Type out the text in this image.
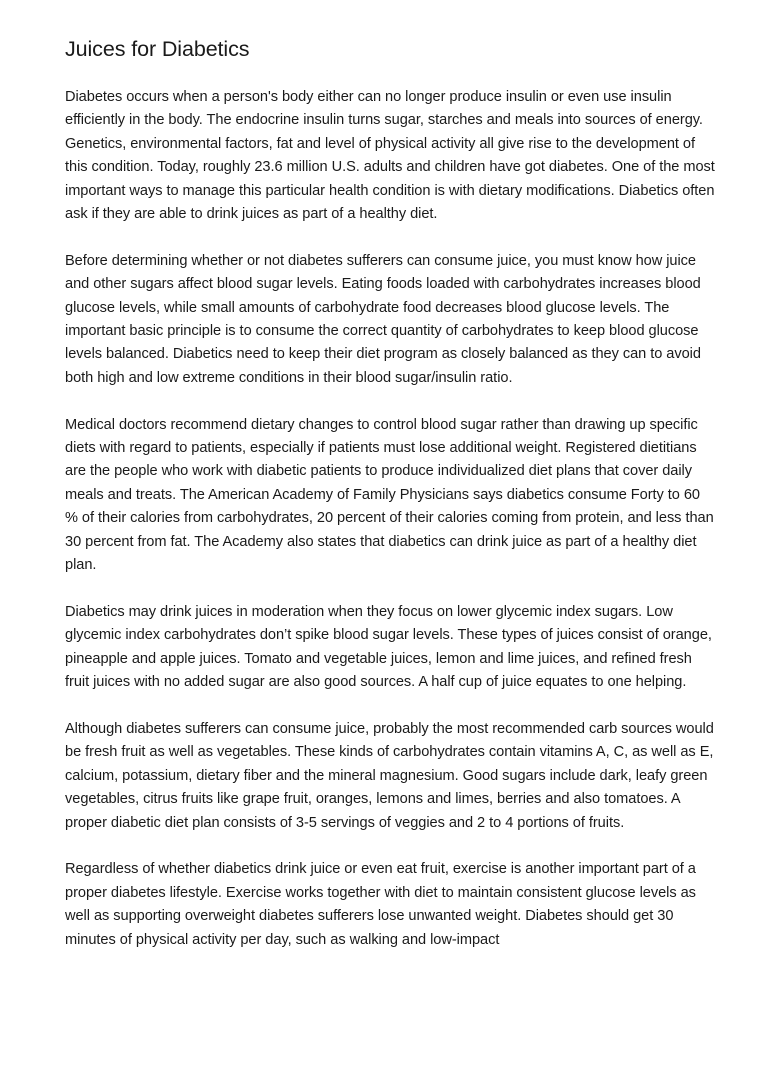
Juices for Diabetics

Diabetes occurs when a person's body either can no longer produce insulin or even use insulin efficiently in the body. The endocrine insulin turns sugar, starches and meals into sources of energy. Genetics, environmental factors, fat and level of physical activity all give rise to the development of this condition. Today, roughly 23.6 million U.S. adults and children have got diabetes. One of the most important ways to manage this particular health condition is with dietary modifications. Diabetics often ask if they are able to drink juices as part of a healthy diet.

Before determining whether or not diabetes sufferers can consume juice, you must know how juice and other sugars affect blood sugar levels. Eating foods loaded with carbohydrates increases blood glucose levels, while small amounts of carbohydrate food decreases blood glucose levels. The important basic principle is to consume the correct quantity of carbohydrates to keep blood glucose levels balanced. Diabetics need to keep their diet program as closely balanced as they can to avoid both high and low extreme conditions in their blood sugar/insulin ratio.

Medical doctors recommend dietary changes to control blood sugar rather than drawing up specific diets with regard to patients, especially if patients must lose additional weight. Registered dietitians are the people who work with diabetic patients to produce individualized diet plans that cover daily meals and treats. The American Academy of Family Physicians says diabetics consume Forty to 60 % of their calories from carbohydrates, 20 percent of their calories coming from protein, and less than 30 percent from fat. The Academy also states that diabetics can drink juice as part of a healthy diet plan.

Diabetics may drink juices in moderation when they focus on lower glycemic index sugars. Low glycemic index carbohydrates don’t spike blood sugar levels. These types of juices consist of orange, pineapple and apple juices. Tomato and vegetable juices, lemon and lime juices, and refined fresh fruit juices with no added sugar are also good sources. A half cup of juice equates to one helping.

Although diabetes sufferers can consume juice, probably the most recommended carb sources would be fresh fruit as well as vegetables. These kinds of carbohydrates contain vitamins A, C, as well as E, calcium, potassium, dietary fiber and the mineral magnesium. Good sugars include dark, leafy green vegetables, citrus fruits like grape fruit, oranges, lemons and limes, berries and also tomatoes. A proper diabetic diet plan consists of 3-5 servings of veggies and 2 to 4 portions of fruits.

Regardless of whether diabetics drink juice or even eat fruit, exercise is another important part of a proper diabetes lifestyle. Exercise works together with diet to maintain consistent glucose levels as well as supporting overweight diabetes sufferers lose unwanted weight. Diabetes should get 30 minutes of physical activity per day, such as walking and low-impact
